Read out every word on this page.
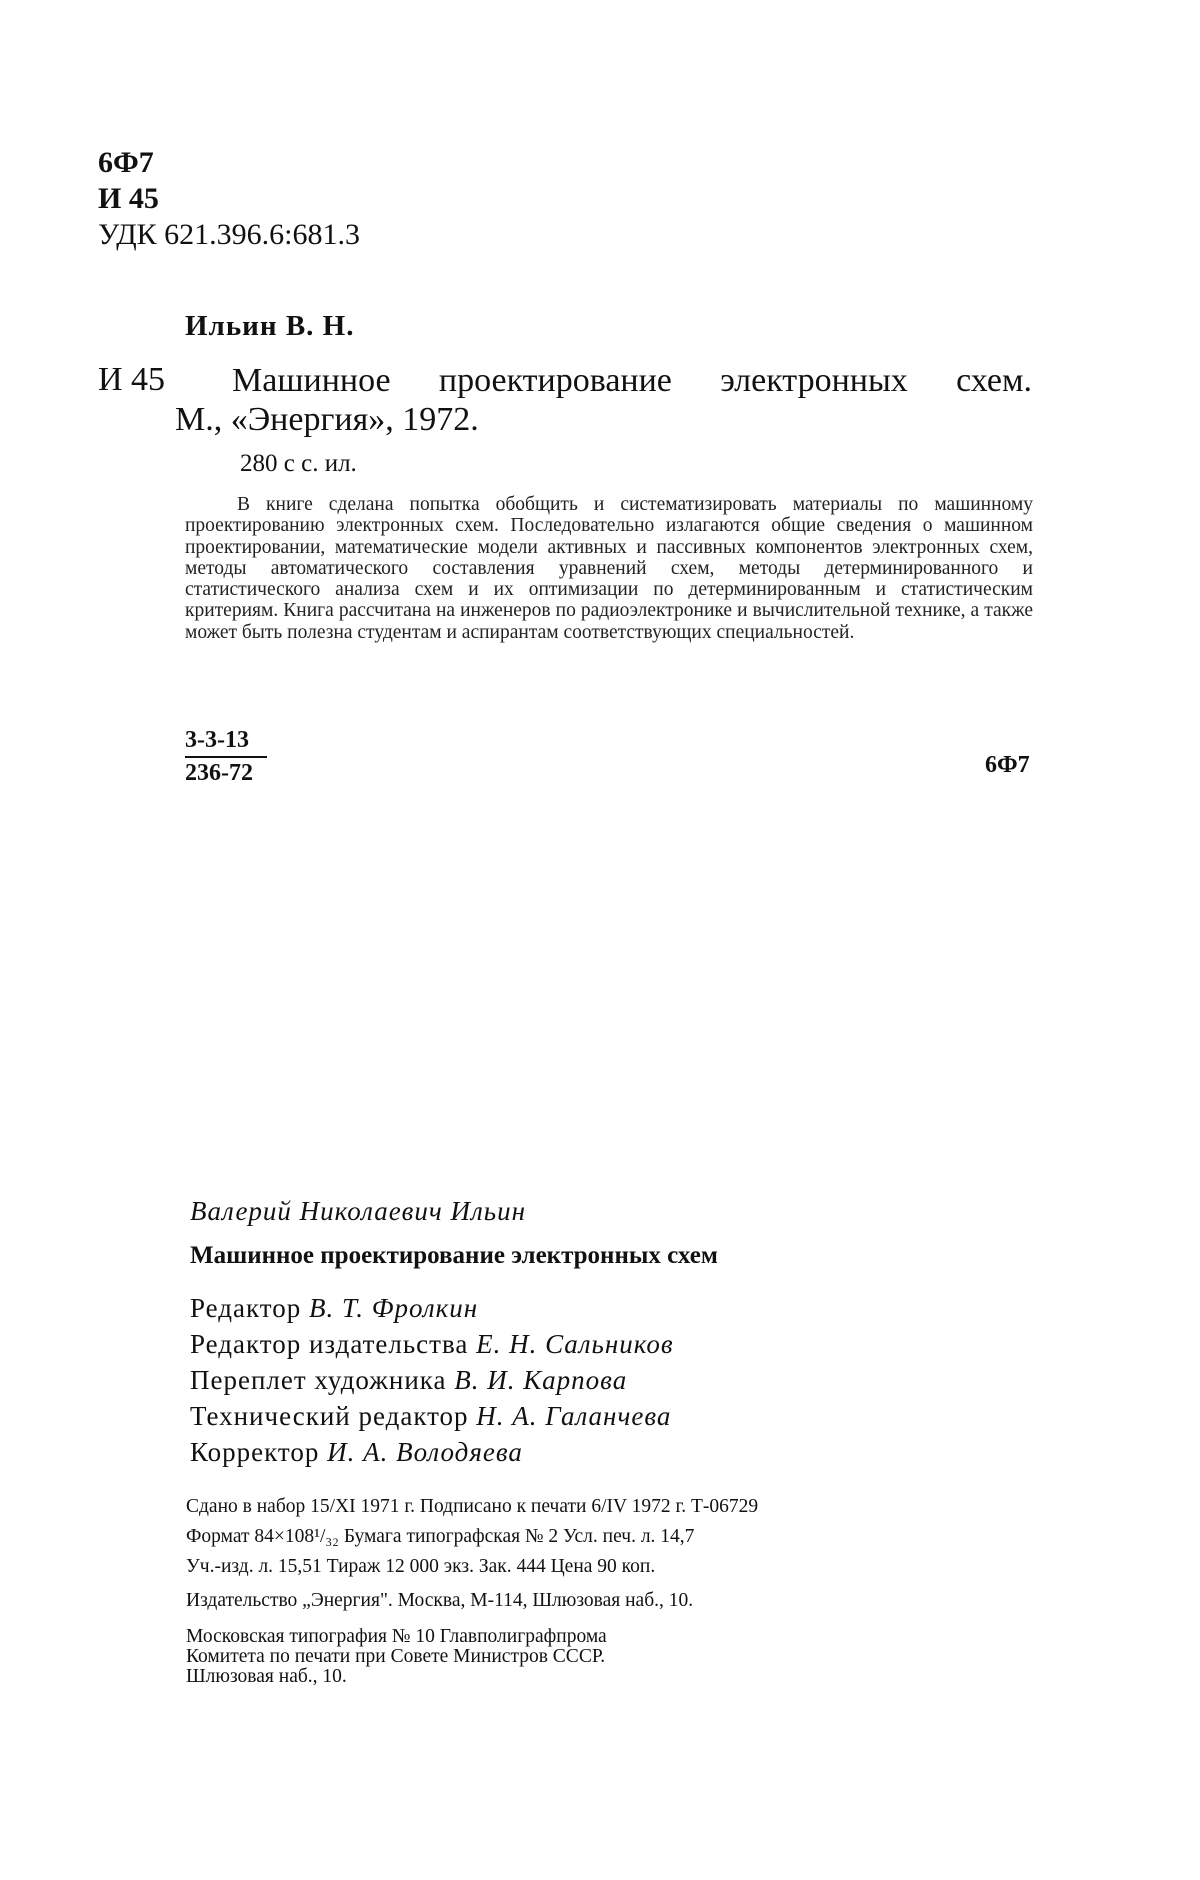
6Ф7
И 45
УДК 621.396.6:681.3
Ильин В. Н.
И 45 Машинное проектирование электронных схем.
М., «Энергия», 1972.
280 с с. ил.
В книге сделана попытка обобщить и систематизировать материалы по машинному проектированию электронных схем. Последовательно излагаются общие сведения о машинном проектировании, математические модели активных и пассивных компонентов электронных схем, методы автоматического составления уравнений схем, методы детерминированного и статистического анализа схем и их оптимизации по детерминированным и статистическим критериям. Книга рассчитана на инженеров по радиоэлектронике и вычислительной технике, а также может быть полезна студентам и аспирантам соответствующих специальностей.
$\frac{3-3-13}{236-72}$	6Ф7
Валерий Николаевич Ильин
Машинное проектирование электронных схем
Редактор В. Т. Фролкин
Редактор издательства Е. Н. Сальников
Переплет художника В. И. Карпова
Технический редактор Н. А. Галанчева
Корректор И. А. Володяева
Сдано в набор 15/XI 1971 г. Подписано к печати 6/IV 1972 г. Т-06729
Формат 84×108¹/₃₂ Бумага типографская № 2 Усл. печ. л. 14,7
Уч.-изд. л. 15,51 Тираж 12 000 экз. Зак. 444 Цена 90 коп.
Издательство „Энергия". Москва, М-114, Шлюзовая наб., 10.
Московская типография № 10 Главполиграфпрома
Комитета по печати при Совете Министров СССР.
Шлюзовая наб., 10.
